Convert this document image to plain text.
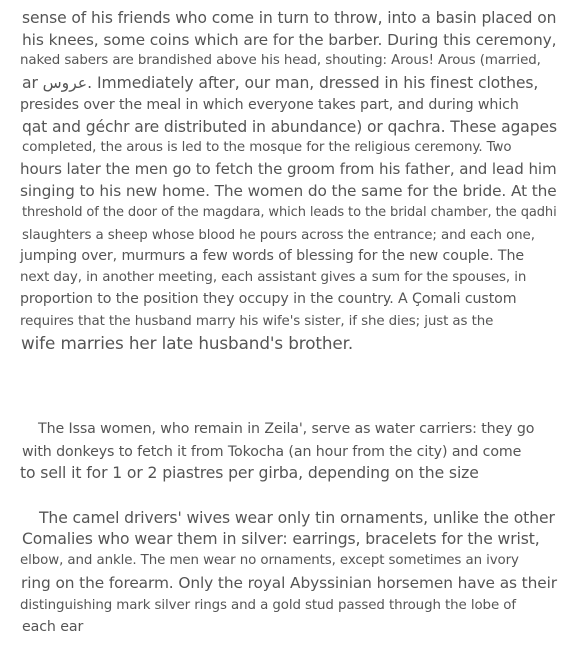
sense of his friends who come in turn to throw, into a basin placed on
his knees, some coins which are for the barber. During this ceremony,
naked sabers are brandished above his head, shouting: Arous! Arous (married,
ar عروس. Immediately after, our man, dressed in his finest clothes,
presides over the meal in which everyone takes part, and during which
qat and géchr are distributed in abundance) or qachra. These agapes
completed, the arous is led to the mosque for the religious ceremony. Two
hours later the men go to fetch the groom from his father, and lead him
singing to his new home. The women do the same for the bride. At the
threshold of the door of the magdara, which leads to the bridal chamber, the qadhi
slaughters a sheep whose blood he pours across the entrance; and each one,
jumping over, murmurs a few words of blessing for the new couple. The
next day, in another meeting, each assistant gives a sum for the spouses, in
proportion to the position they occupy in the country. A Çomali custom
requires that the husband marry his wife's sister, if she dies; just as the
wife marries her late husband's brother.
The Issa women, who remain in Zeila', serve as water carriers: they go
with donkeys to fetch it from Tokocha (an hour from the city) and come
to sell it for 1 or 2 piastres per girba, depending on the size
The camel drivers' wives wear only tin ornaments, unlike the other
Comalies who wear them in silver: earrings, bracelets for the wrist,
elbow, and ankle. The men wear no ornaments, except sometimes an ivory
ring on the forearm. Only the royal Abyssinian horsemen have as their
distinguishing mark silver rings and a gold stud passed through the lobe of
each ear
